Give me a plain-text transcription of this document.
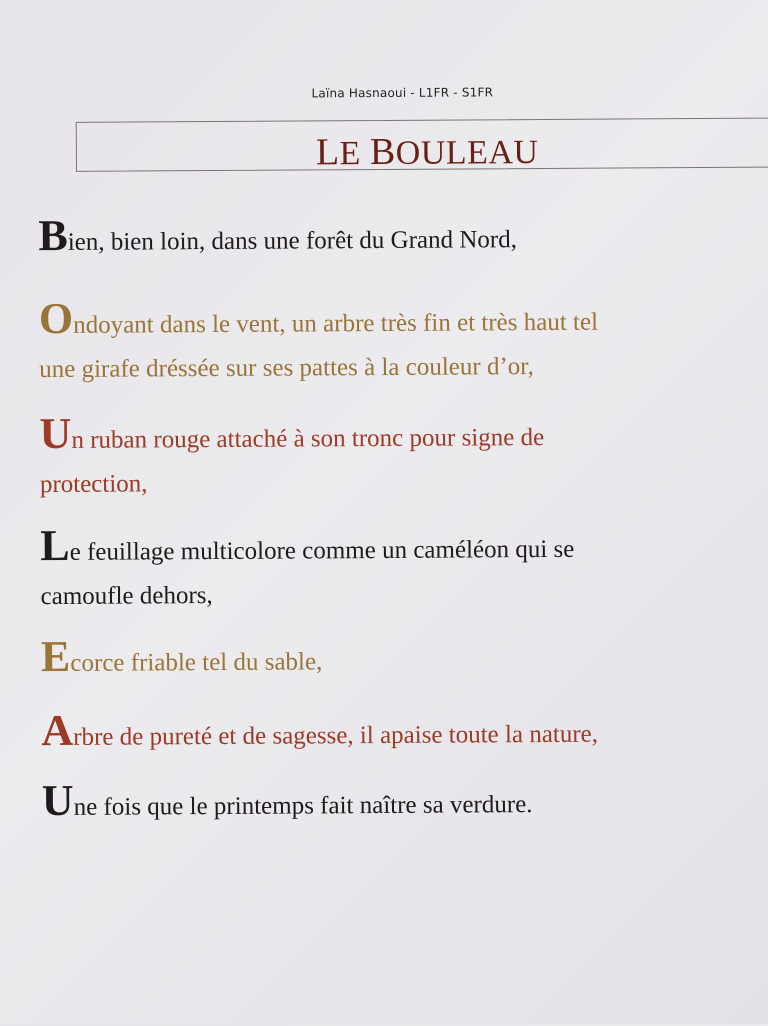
Laïna Hasnaoui - L1FR - S1FR
LE BOULEAU
Bien, bien loin, dans une forêt du Grand Nord,
Ondoyant dans le vent, un arbre très fin et très haut tel
une girafe dréssée sur ses pattes à la couleur d’or,
Un ruban rouge attaché à son tronc pour signe de
protection,
Le feuillage multicolore comme un caméléon qui se
camoufle dehors,
Ecorce friable tel du sable,
Arbre de pureté et de sagesse, il apaise toute la nature,
Une fois que le printemps fait naître sa verdure.
